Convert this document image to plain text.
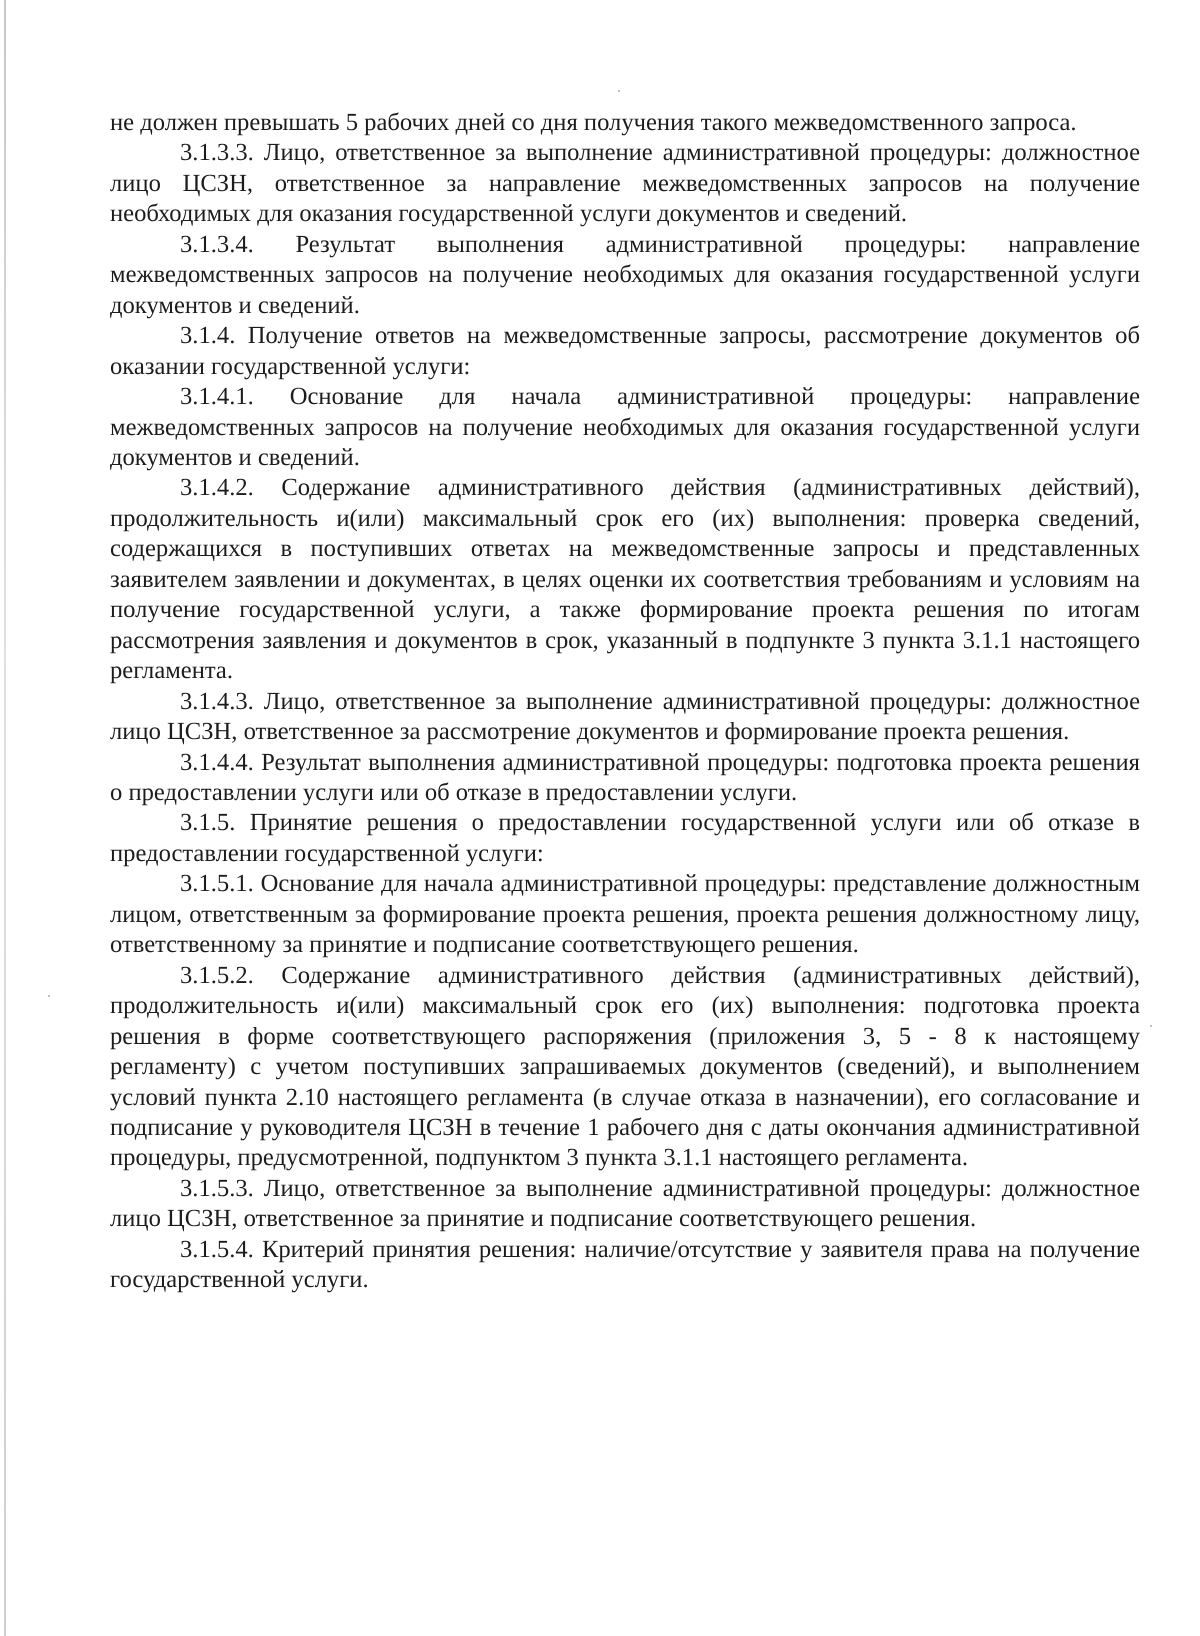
не должен превышать 5 рабочих дней со дня получения такого межведомственного запроса.

3.1.3.3. Лицо, ответственное за выполнение административной процедуры: должностное лицо ЦСЗН, ответственное за направление межведомственных запросов на получение необходимых для оказания государственной услуги документов и сведений.

3.1.3.4. Результат выполнения административной процедуры: направление межведомственных запросов на получение необходимых для оказания государственной услуги документов и сведений.

3.1.4. Получение ответов на межведомственные запросы, рассмотрение документов об оказании государственной услуги:

3.1.4.1. Основание для начала административной процедуры: направление межведомственных запросов на получение необходимых для оказания государственной услуги документов и сведений.

3.1.4.2. Содержание административного действия (административных действий), продолжительность и(или) максимальный срок его (их) выполнения: проверка сведений, содержащихся в поступивших ответах на межведомственные запросы и представленных заявителем заявлении и документах, в целях оценки их соответствия требованиям и условиям на получение государственной услуги, а также формирование проекта решения по итогам рассмотрения заявления и документов в срок, указанный в подпункте 3 пункта 3.1.1 настоящего регламента.

3.1.4.3. Лицо, ответственное за выполнение административной процедуры: должностное лицо ЦСЗН, ответственное за рассмотрение документов и формирование проекта решения.

3.1.4.4. Результат выполнения административной процедуры: подготовка проекта решения о предоставлении услуги или об отказе в предоставлении услуги.

3.1.5. Принятие решения о предоставлении государственной услуги или об отказе в предоставлении государственной услуги:

3.1.5.1. Основание для начала административной процедуры: представление должностным лицом, ответственным за формирование проекта решения, проекта решения должностному лицу, ответственному за принятие и подписание соответствующего решения.

3.1.5.2. Содержание административного действия (административных действий), продолжительность и(или) максимальный срок его (их) выполнения: подготовка проекта решения в форме соответствующего распоряжения (приложения 3, 5 - 8 к настоящему регламенту) с учетом поступивших запрашиваемых документов (сведений), и выполнением условий пункта 2.10 настоящего регламента (в случае отказа в назначении), его согласование и подписание у руководителя ЦСЗН в течение 1 рабочего дня с даты окончания административной процедуры, предусмотренной, подпунктом 3 пункта 3.1.1 настоящего регламента.

3.1.5.3. Лицо, ответственное за выполнение административной процедуры: должностное лицо ЦСЗН, ответственное за принятие и подписание соответствующего решения.

3.1.5.4. Критерий принятия решения: наличие/отсутствие у заявителя права на получение государственной услуги.
